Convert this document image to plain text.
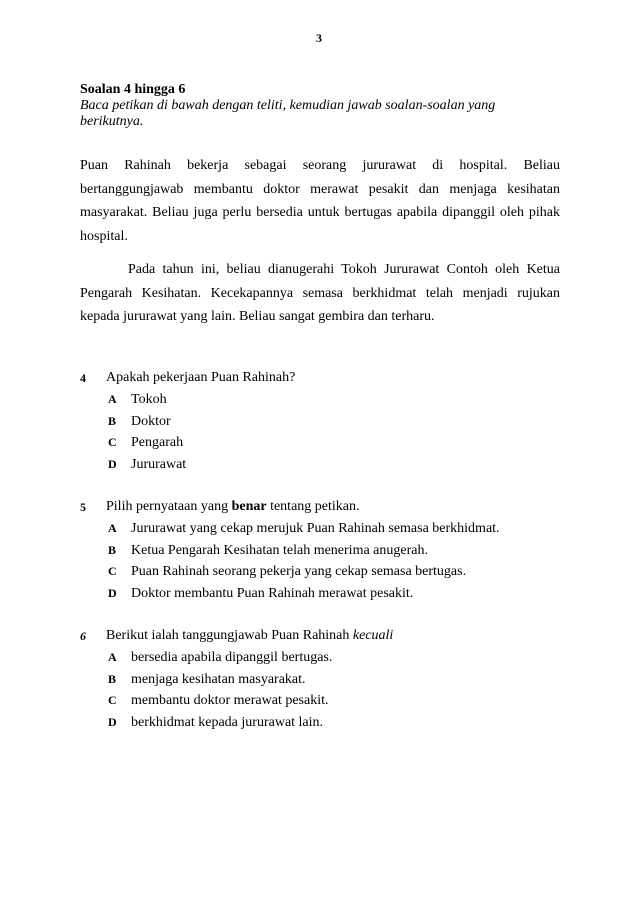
3
Soalan 4 hingga 6
Baca petikan di bawah dengan teliti, kemudian jawab soalan-soalan yang
berikutnya.

Puan Rahinah bekerja sebagai seorang jururawat di hospital. Beliau bertanggungjawab membantu doktor merawat pesakit dan menjaga kesihatan masyarakat. Beliau juga perlu bersedia untuk bertugas apabila dipanggil oleh pihak hospital.

Pada tahun ini, beliau dianugerahi Tokoh Jururawat Contoh oleh Ketua Pengarah Kesihatan. Kecekapannya semasa berkhidmat telah menjadi rujukan kepada jururawat yang lain. Beliau sangat gembira dan terharu.

4 Apakah pekerjaan Puan Rahinah?
A Tokoh
B Doktor
C Pengarah
D Jururawat
5 Pilih pernyataan yang benar tentang petikan.
A Jururawat yang cekap merujuk Puan Rahinah semasa berkhidmat.
B Ketua Pengarah Kesihatan telah menerima anugerah.
C Puan Rahinah seorang pekerja yang cekap semasa bertugas.
D Doktor membantu Puan Rahinah merawat pesakit.
6 Berikut ialah tanggungjawab Puan Rahinah kecuali
A bersedia apabila dipanggil bertugas.
B menjaga kesihatan masyarakat.
C membantu doktor merawat pesakit.
D berkhidmat kepada jururawat lain.
